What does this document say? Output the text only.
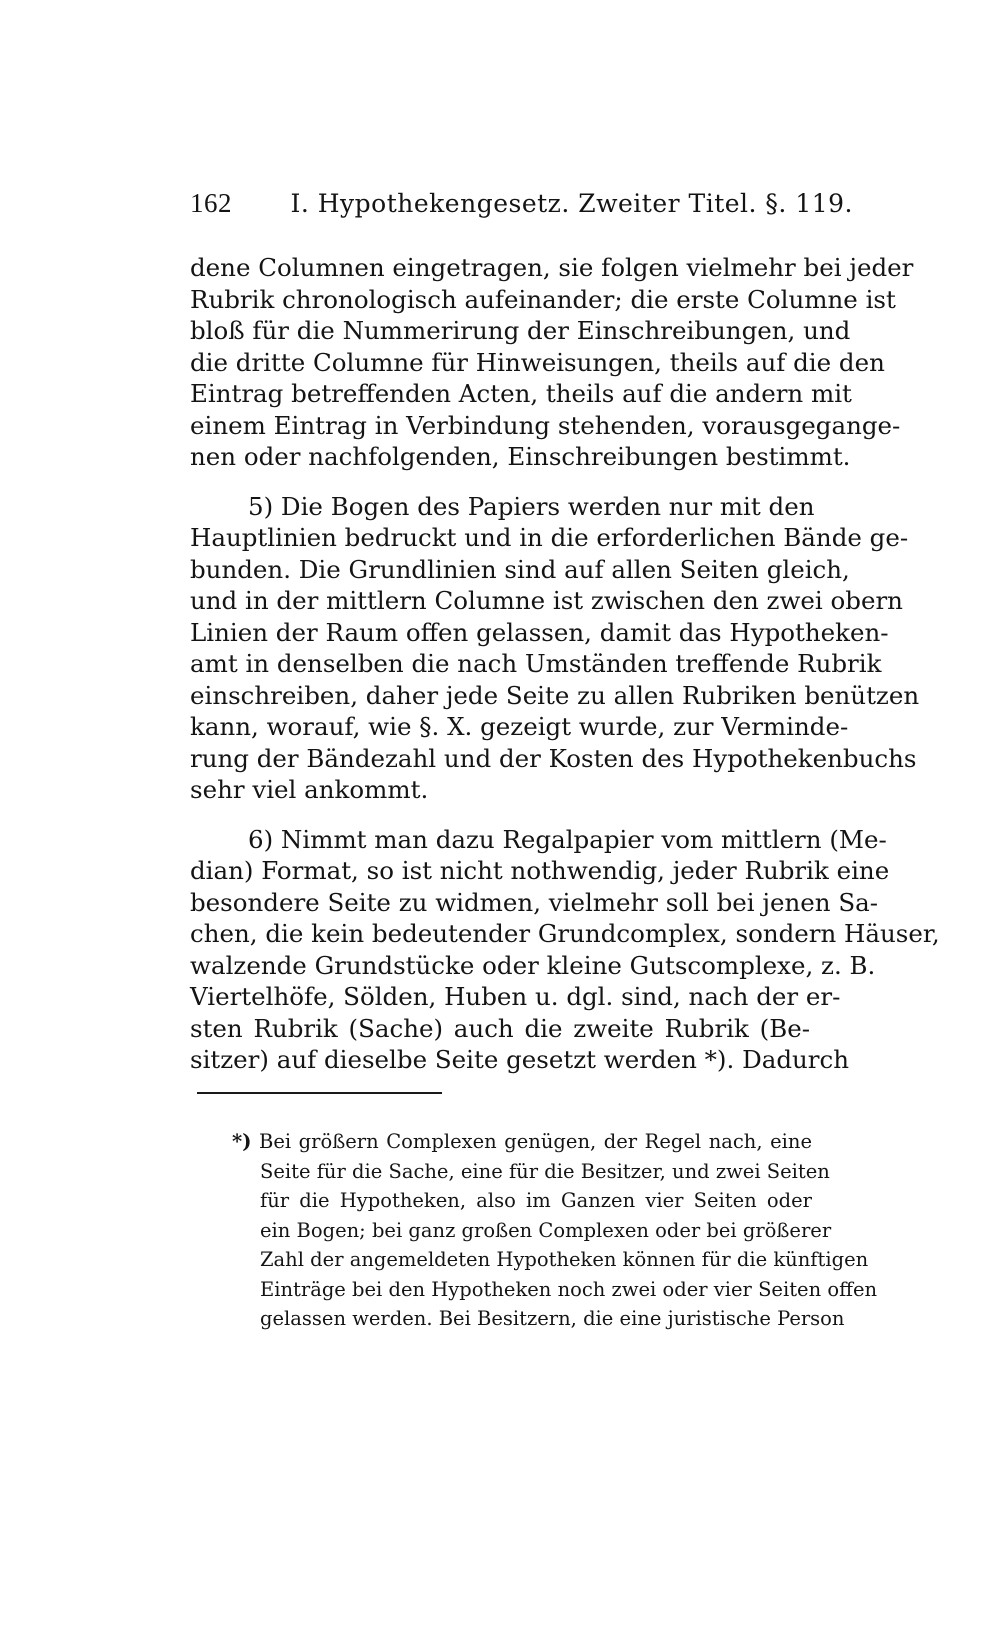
162 I. Hypothekengesetz. Zweiter Titel. §. 119.
dene Columnen eingetragen, sie folgen vielmehr bei jeder
Rubrik chronologisch aufeinander; die erste Columne ist
bloß für die Nummerirung der Einschreibungen, und
die dritte Columne für Hinweisungen, theils auf die den
Eintrag betreffenden Acten, theils auf die andern mit
einem Eintrag in Verbindung stehenden, vorausgegange-
nen oder nachfolgenden, Einschreibungen bestimmt.
5) Die Bogen des Papiers werden nur mit den
Hauptlinien bedruckt und in die erforderlichen Bände ge-
bunden. Die Grundlinien sind auf allen Seiten gleich,
und in der mittlern Columne ist zwischen den zwei obern
Linien der Raum offen gelassen, damit das Hypotheken-
amt in denselben die nach Umständen treffende Rubrik
einschreiben, daher jede Seite zu allen Rubriken benützen
kann, worauf, wie §. X. gezeigt wurde, zur Verminde-
rung der Bändezahl und der Kosten des Hypothekenbuchs
sehr viel ankommt.
6) Nimmt man dazu Regalpapier vom mittlern (Me-
dian) Format, so ist nicht nothwendig, jeder Rubrik eine
besondere Seite zu widmen, vielmehr soll bei jenen Sa-
chen, die kein bedeutender Grundcomplex, sondern Häuser,
walzende Grundstücke oder kleine Gutscomplexe, z. B.
Viertelhöfe, Sölden, Huben u. dgl. sind, nach der er-
sten Rubrik (Sache) auch die zweite Rubrik (Be-
sitzer) auf dieselbe Seite gesetzt werden *). Dadurch
*) Bei größern Complexen genügen, der Regel nach, eine
Seite für die Sache, eine für die Besitzer, und zwei Seiten
für die Hypotheken, also im Ganzen vier Seiten oder
ein Bogen; bei ganz großen Complexen oder bei größerer
Zahl der angemeldeten Hypotheken können für die künftigen
Einträge bei den Hypotheken noch zwei oder vier Seiten offen
gelassen werden. Bei Besitzern, die eine juristische Person
